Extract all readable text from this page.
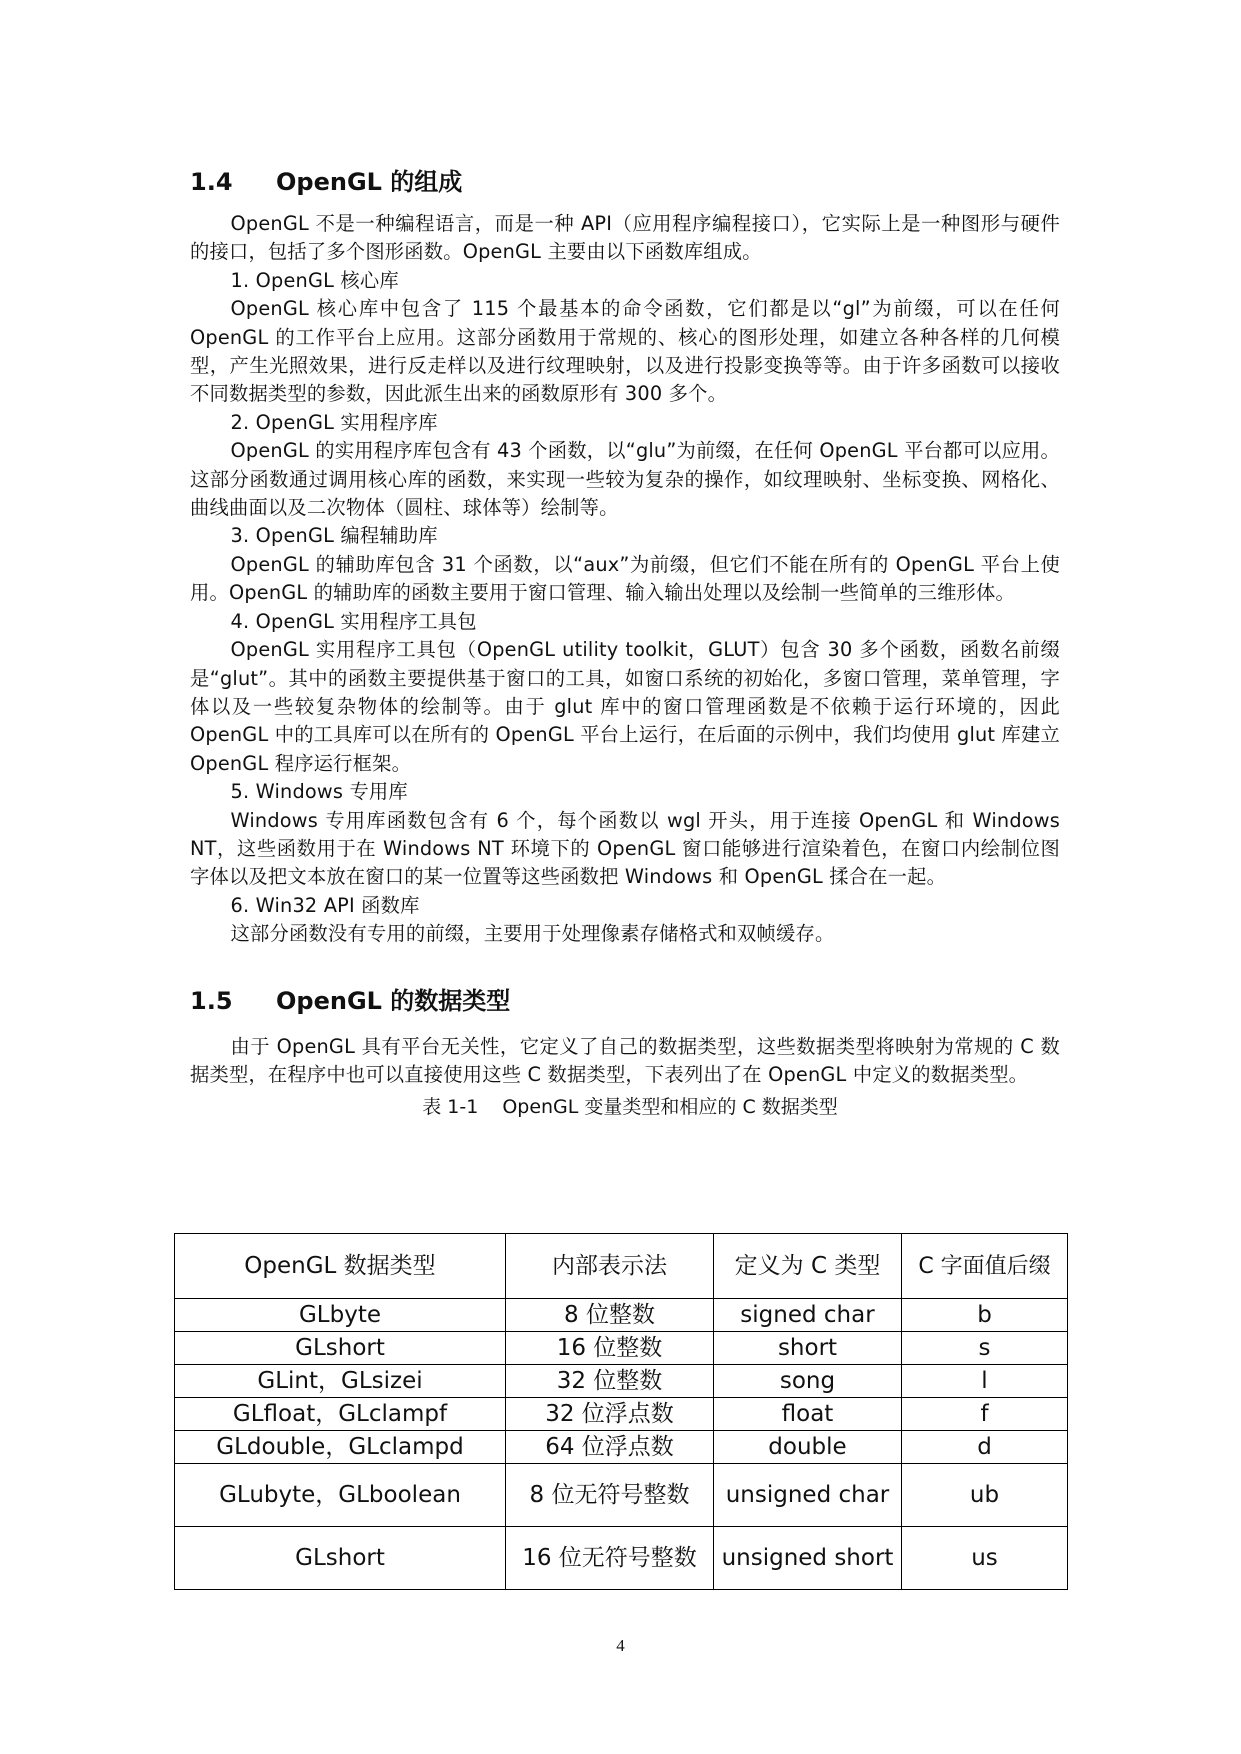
1.4 OpenGL 的组成

OpenGL 不是一种编程语言，而是一种 API（应用程序编程接口），它实际上是一种图形与硬件的接口，包括了多个图形函数。OpenGL 主要由以下函数库组成。

1. OpenGL 核心库

OpenGL 核心库中包含了 115 个最基本的命令函数，它们都是以“gl”为前缀，可以在任何 OpenGL 的工作平台上应用。这部分函数用于常规的、核心的图形处理，如建立各种各样的几何模型，产生光照效果，进行反走样以及进行纹理映射，以及进行投影变换等等。由于许多函数可以接收不同数据类型的参数，因此派生出来的函数原形有 300 多个。

2. OpenGL 实用程序库

OpenGL 的实用程序库包含有 43 个函数，以“glu”为前缀，在任何 OpenGL 平台都可以应用。这部分函数通过调用核心库的函数，来实现一些较为复杂的操作，如纹理映射、坐标变换、网格化、曲线曲面以及二次物体（圆柱、球体等）绘制等。

3. OpenGL 编程辅助库

OpenGL 的辅助库包含 31 个函数，以“aux”为前缀，但它们不能在所有的 OpenGL 平台上使用。OpenGL 的辅助库的函数主要用于窗口管理、输入输出处理以及绘制一些简单的三维形体。

4. OpenGL 实用程序工具包

OpenGL 实用程序工具包（OpenGL utility toolkit，GLUT）包含 30 多个函数，函数名前缀是“glut”。其中的函数主要提供基于窗口的工具，如窗口系统的初始化，多窗口管理，菜单管理，字体以及一些较复杂物体的绘制等。由于 glut 库中的窗口管理函数是不依赖于运行环境的，因此 OpenGL 中的工具库可以在所有的 OpenGL 平台上运行，在后面的示例中，我们均使用 glut 库建立 OpenGL 程序运行框架。

5. Windows 专用库

Windows 专用库函数包含有 6 个，每个函数以 wgl 开头，用于连接 OpenGL 和 Windows NT，这些函数用于在 Windows NT 环境下的 OpenGL 窗口能够进行渲染着色，在窗口内绘制位图字体以及把文本放在窗口的某一位置等这些函数把 Windows 和 OpenGL 揉合在一起。

6. Win32 API 函数库

这部分函数没有专用的前缀，主要用于处理像素存储格式和双帧缓存。

1.5 OpenGL 的数据类型

由于 OpenGL 具有平台无关性，它定义了自己的数据类型，这些数据类型将映射为常规的 C 数据类型，在程序中也可以直接使用这些 C 数据类型，下表列出了在 OpenGL 中定义的数据类型。

表 1-1 OpenGL 变量类型和相应的 C 数据类型
OpenGL 数据类型	内部表示法	定义为 C 类型	C 字面值后缀
GLbyte	8 位整数	signed char	b
GLshort	16 位整数	short	s
GLint，GLsizei	32 位整数	song	l
GLfloat，GLclampf	32 位浮点数	float	f
GLdouble，GLclampd	64 位浮点数	double	d
GLubyte，GLboolean	8 位无符号整数	unsigned char	ub
GLshort	16 位无符号整数	unsigned short	us
4
